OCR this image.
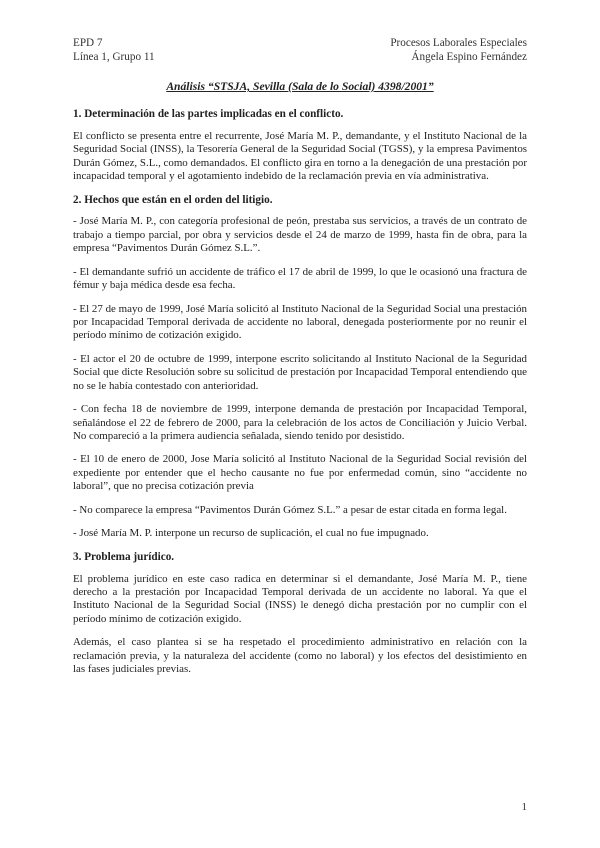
EPD 7	Procesos Laborales Especiales
Línea 1, Grupo 11	Ángela Espino Fernández
Análisis “STSJA, Sevilla (Sala de lo Social) 4398/2001”
1. Determinación de las partes implicadas en el conflicto.

El conflicto se presenta entre el recurrente, José María M. P., demandante, y el Instituto Nacional de la Seguridad Social (INSS), la Tesorería General de la Seguridad Social (TGSS), y la empresa Pavimentos Durán Gómez, S.L., como demandados. El conflicto gira en torno a la denegación de una prestación por incapacidad temporal y el agotamiento indebido de la reclamación previa en vía administrativa.

2. Hechos que están en el orden del litigio.

- José María M. P., con categoría profesional de peón, prestaba sus servicios, a través de un contrato de trabajo a tiempo parcial, por obra y servicios desde el 24 de marzo de 1999, hasta fin de obra, para la empresa “Pavimentos Durán Gómez S.L.”.

- El demandante sufrió un accidente de tráfico el 17 de abril de 1999, lo que le ocasionó una fractura de fémur y baja médica desde esa fecha.

- El 27 de mayo de 1999, José María solicitó al Instituto Nacional de la Seguridad Social una prestación por Incapacidad Temporal derivada de accidente no laboral, denegada posteriormente por no reunir el período mínimo de cotización exigido.

- El actor el 20 de octubre de 1999, interpone escrito solicitando al Instituto Nacional de la Seguridad Social que dicte Resolución sobre su solicitud de prestación por Incapacidad Temporal entendiendo que no se le había contestado con anterioridad.

- Con fecha 18 de noviembre de 1999, interpone demanda de prestación por Incapacidad Temporal, señalándose el 22 de febrero de 2000, para la celebración de los actos de Conciliación y Juicio Verbal. No compareció a la primera audiencia señalada, siendo tenido por desistido.

- El 10 de enero de 2000, Jose María solicitó al Instituto Nacional de la Seguridad Social revisión del expediente por entender que el hecho causante no fue por enfermedad común, sino “accidente no laboral”, que no precisa cotización previa

- No comparece la empresa “Pavimentos Durán Gómez S.L.” a pesar de estar citada en forma legal.

- José María M. P. interpone un recurso de suplicación, el cual no fue impugnado.

3. Problema jurídico.

El problema jurídico en este caso radica en determinar si el demandante, José María M. P., tiene derecho a la prestación por Incapacidad Temporal derivada de un accidente no laboral. Ya que el Instituto Nacional de la Seguridad Social (INSS) le denegó dicha prestación por no cumplir con el período mínimo de cotización exigido.

Además, el caso plantea si se ha respetado el procedimiento administrativo en relación con la reclamación previa, y la naturaleza del accidente (como no laboral) y los efectos del desistimiento en las fases judiciales previas.

1
